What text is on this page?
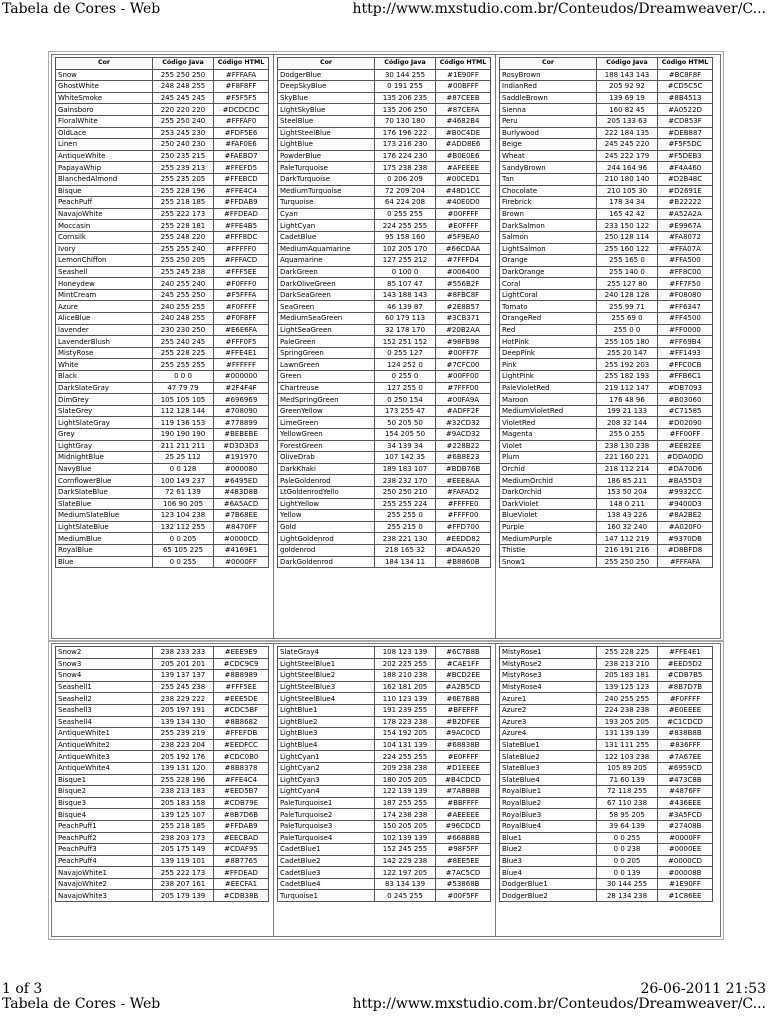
Tabela de Cores - Web	http://www.mxstudio.com.br/Conteudos/Dreamweaver/C...
Cor	Código Java	Código HTML
Snow	255 250 250	#FFFAFA
GhostWhite	248 248 255	#F8F8FF
WhiteSmoke	245 245 245	#F5F5F5
Gainsboro	220 220 220	#DCDCDC
FloralWhite	255 250 240	#FFFAF0
OldLace	253 245 230	#FDF5E6
Linen	250 240 230	#FAF0E6
AntiqueWhite	250 235 215	#FAEBD7
PapayaWhip	255 239 213	#FFEFD5
BlanchedAlmond	255 235 205	#FFEBCD
Bisque	255 228 196	#FFE4C4
PeachPuff	255 218 185	#FFDAB9
NavajoWhite	255 222 173	#FFDEAD
Moccasin	255 228 181	#FFE4B5
Cornsilk	255 248 220	#FFF8DC
Ivory	255 255 240	#FFFFF0
LemonChiffon	255 250 205	#FFFACD
Seashell	255 245 238	#FFF5EE
Honeydew	240 255 240	#F0FFF0
MintCream	245 255 250	#F5FFFA
Azure	240 255 255	#F0FFFF
AliceBlue	240 248 255	#F0F8FF
lavender	230 230 250	#E6E6FA
LavenderBlush	255 240 245	#FFF0F5
MistyRose	255 228 225	#FFE4E1
White	255 255 255	#FFFFFF
Black	0 0 0	#000000
DarkSlateGray	47 79 79	#2F4F4F
DimGrey	105 105 105	#696969
SlateGrey	112 128 144	#708090
LightSlateGray	119 136 153	#778899
Grey	190 190 190	#BEBEBE
LightGray	211 211 211	#D3D3D3
MidnightBlue	25 25 112	#191970
NavyBlue	0 0 128	#000080
CornflowerBlue	100 149 237	#6495ED
DarkSlateBlue	72 61 139	#483D8B
SlateBlue	106 90 205	#6A5ACD
MediumSlateBlue	123 104 238	#7B68EE
LightSlateBlue	132 112 255	#8470FF
MediumBlue	0 0 205	#0000CD
RoyalBlue	65 105 225	#4169E1
Blue	0 0 255	#0000FF
Cor	Código Java	Código HTML
DodgerBlue	30 144 255	#1E90FF
DeepSkyBlue	0 191 255	#00BFFF
SkyBlue	135 206 235	#87CEEB
LightSkyBlue	135 206 250	#87CEFA
SteelBlue	70 130 180	#4682B4
LightSteelBlue	176 196 222	#B0C4DE
LightBlue	173 216 230	#ADD8E6
PowderBlue	176 224 230	#B0E0E6
PaleTurquoise	175 238 238	#AFEEEE
DarkTurquoise	0 206 209	#00CED1
MediumTurquoise	72 209 204	#48D1CC
Turquoise	64 224 208	#40E0D0
Cyan	0 255 255	#00FFFF
LightCyan	224 255 255	#E0FFFF
CadetBlue	95 158 160	#5F9EA0
MediumAquamarine	102 205 170	#66CDAA
Aquamarine	127 255 212	#7FFFD4
DarkGreen	0 100 0	#006400
DarkOliveGreen	85 107 47	#556B2F
DarkSeaGreen	143 188 143	#8FBC8F
SeaGreen	46 139 87	#2E8B57
MediumSeaGreen	60 179 113	#3CB371
LightSeaGreen	32 178 170	#20B2AA
PaleGreen	152 251 152	#98FB98
SpringGreen	0 255 127	#00FF7F
LawnGreen	124 252 0	#7CFC00
Green	0 255 0	#00FF00
Chartreuse	127 255 0	#7FFF00
MedSpringGreen	0 250 154	#00FA9A
GreenYellow	173 255 47	#ADFF2F
LimeGreen	50 205 50	#32CD32
YellowGreen	154 205 50	#9ACD32
ForestGreen	34 139 34	#228B22
OliveDrab	107 142 35	#6B8E23
DarkKhaki	189 183 107	#BDB76B
PaleGoldenrod	238 232 170	#EEE8AA
LtGoldenrodYello	250 250 210	#FAFAD2
LightYellow	255 255 224	#FFFFE0
Yellow	255 255 0	#FFFF00
Gold	255 215 0	#FFD700
LightGoldenrod	238 221 130	#EEDD82
goldenrod	218 165 32	#DAA520
DarkGoldenrod	184 134 11	#B8860B
Cor	Código Java	Código HTML
RosyBrown	188 143 143	#BC8F8F
IndianRed	205 92 92	#CD5C5C
SaddleBrown	139 69 19	#8B4513
Sienna	160 82 45	#A0522D
Peru	205 133 63	#CD853F
Burlywood	222 184 135	#DEB887
Beige	245 245 220	#F5F5DC
Wheat	245 222 179	#F5DEB3
SandyBrown	244 164 96	#F4A460
Tan	210 180 140	#D2B48C
Chocolate	210 105 30	#D2691E
Firebrick	178 34 34	#B22222
Brown	165 42 42	#A52A2A
DarkSalmon	233 150 122	#E9967A
Salmon	250 128 114	#FA8072
LightSalmon	255 160 122	#FFA07A
Orange	255 165 0	#FFA500
DarkOrange	255 140 0	#FF8C00
Coral	255 127 80	#FF7F50
LightCoral	240 128 128	#F08080
Tomato	255 99 71	#FF6347
OrangeRed	255 69 0	#FF4500
Red	255 0 0	#FF0000
HotPink	255 105 180	#FF69B4
DeepPink	255 20 147	#FF1493
Pink	255 192 203	#FFC0CB
LightPink	255 182 193	#FFB6C1
PaleVioletRed	219 112 147	#DB7093
Maroon	176 48 96	#B03060
MediumVioletRed	199 21 133	#C71585
VioletRed	208 32 144	#D02090
Magenta	255 0 255	#FF00FF
Violet	238 130 238	#EE82EE
Plum	221 160 221	#DDA0DD
Orchid	218 112 214	#DA70D6
MediumOrchid	186 85 211	#BA55D3
DarkOrchid	153 50 204	#9932CC
DarkViolet	148 0 211	#9400D3
BlueViolet	138 43 226	#8A2BE2
Purple	160 32 240	#A020F0
MediumPurple	147 112 219	#9370DB
Thistle	216 191 216	#D8BFD8
Snow1	255 250 250	#FFFAFA
Snow2	238 233 233	#EEE9E9
Snow3	205 201 201	#CDC9C9
Snow4	139 137 137	#8B8989
Seashell1	255 245 238	#FFF5EE
Seashell2	238 229 222	#EEE5DE
Seashell3	205 197 191	#CDC5BF
Seashell4	139 134 130	#8B8682
AntiqueWhite1	255 239 219	#FFEFDB
AntiqueWhite2	238 223 204	#EEDFCC
AntiqueWhite3	205 192 176	#CDC0B0
AntiqueWhite4	139 131 120	#8B8378
Bisque1	255 228 196	#FFE4C4
Bisque2	238 213 183	#EED5B7
Bisque3	205 183 158	#CDB79E
Bisque4	139 125 107	#8B7D6B
PeachPuff1	255 218 185	#FFDAB9
PeachPuff2	238 203 173	#EECBAD
PeachPuff3	205 175 149	#CDAF95
PeachPuff4	139 119 101	#8B7765
NavajoWhite1	255 222 173	#FFDEAD
NavajoWhite2	238 207 161	#EECFA1
NavajoWhite3	205 179 139	#CDB38B
SlateGray4	108 123 139	#6C7B8B
LightSteelBlue1	202 225 255	#CAE1FF
LightSteelBlue2	188 210 238	#BCD2EE
LightSteelBlue3	162 181 205	#A2B5CD
LightSteelBlue4	110 123 139	#6E7B8B
LightBlue1	191 239 255	#BFEFFF
LightBlue2	178 223 238	#B2DFEE
LightBlue3	154 192 205	#9AC0CD
LightBlue4	104 131 139	#68838B
LightCyan1	224 255 255	#E0FFFF
LightCyan2	209 238 238	#D1EEEE
LightCyan3	180 205 205	#B4CDCD
LightCyan4	122 139 139	#7A8B8B
PaleTurquoise1	187 255 255	#BBFFFF
PaleTurquoise2	174 238 238	#AEEEEE
PaleTurquoise3	150 205 205	#96CDCD
PaleTurquoise4	102 139 139	#668B8B
CadetBlue1	152 245 255	#98F5FF
CadetBlue2	142 229 238	#8EE5EE
CadetBlue3	122 197 205	#7AC5CD
CadetBlue4	83 134 139	#53868B
Turquoise1	0 245 255	#00F5FF
MistyRose1	255 228 225	#FFE4E1
MistyRose2	238 213 210	#EED5D2
MistyRose3	205 183 181	#CDB7B5
MistyRose4	139 125 123	#8B7D7B
Azure1	240 255 255	#F0FFFF
Azure2	224 238 238	#E0EEEE
Azure3	193 205 205	#C1CDCD
Azure4	131 139 139	#838B8B
SlateBlue1	131 111 255	#836FFF
SlateBlue2	122 103 238	#7A67EE
SlateBlue3	105 89 205	#6959CD
SlateBlue4	71 60 139	#473C8B
RoyalBlue1	72 118 255	#4876FF
RoyalBlue2	67 110 238	#436EEE
RoyalBlue3	58 95 205	#3A5FCD
RoyalBlue4	39 64 139	#27408B
Blue1	0 0 255	#0000FF
Blue2	0 0 238	#0000EE
Blue3	0 0 205	#0000CD
Blue4	0 0 139	#00008B
DodgerBlue1	30 144 255	#1E90FF
DodgerBlue2	28 134 238	#1C86EE
1 of 3	26-06-2011 21:53
Tabela de Cores - Web	http://www.mxstudio.com.br/Conteudos/Dreamweaver/C...
